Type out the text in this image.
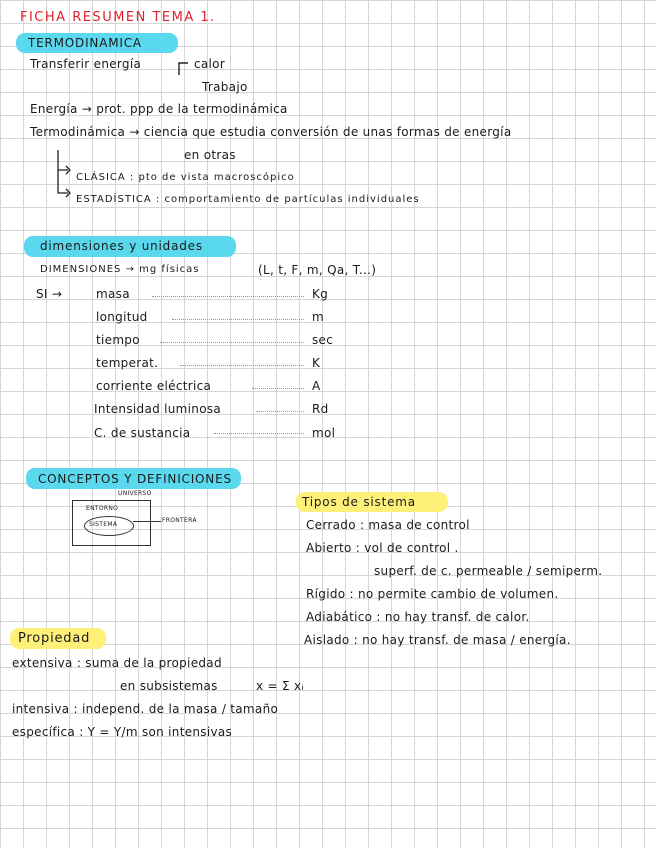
FICHA RESUMEN TEMA 1.
TERMODINAMICA
Transferir energía	calor
Trabajo
Energía → prot. ppp de la termodinámica
Termodinámica → ciencia que estudia conversión de unas formas de energía
en otras
CLÁSICA : pto de vista macroscópico
ESTADÍSTICA : comportamiento de partículas individuales
dimensiones y unidades
DIMENSIONES → mg físicas	(L, t, F, m, Qa, T...)
SI →	masa	Kg
longitud	m
tiempo	sec
temperat.	K
corriente eléctrica	A
Intensidad luminosa	Rd
C. de sustancia	mol
CONCEPTOS Y DEFINICIONES
UNIVERSO
ENTORNO
SISTEMA
FRONTERA
Tipos de sistema
Cerrado : masa de control
Abierto : vol de control .
superf. de c. permeable / semiperm.
Rígido : no permite cambio de volumen.
Adiabático : no hay transf. de calor.
Aislado : no hay transf. de masa / energía.
Propiedad
extensiva : suma de la propiedad
en subsistemas	x = Σ xᵢ
intensiva : independ. de la masa / tamaño
específica : Y = Y/m son intensivas
